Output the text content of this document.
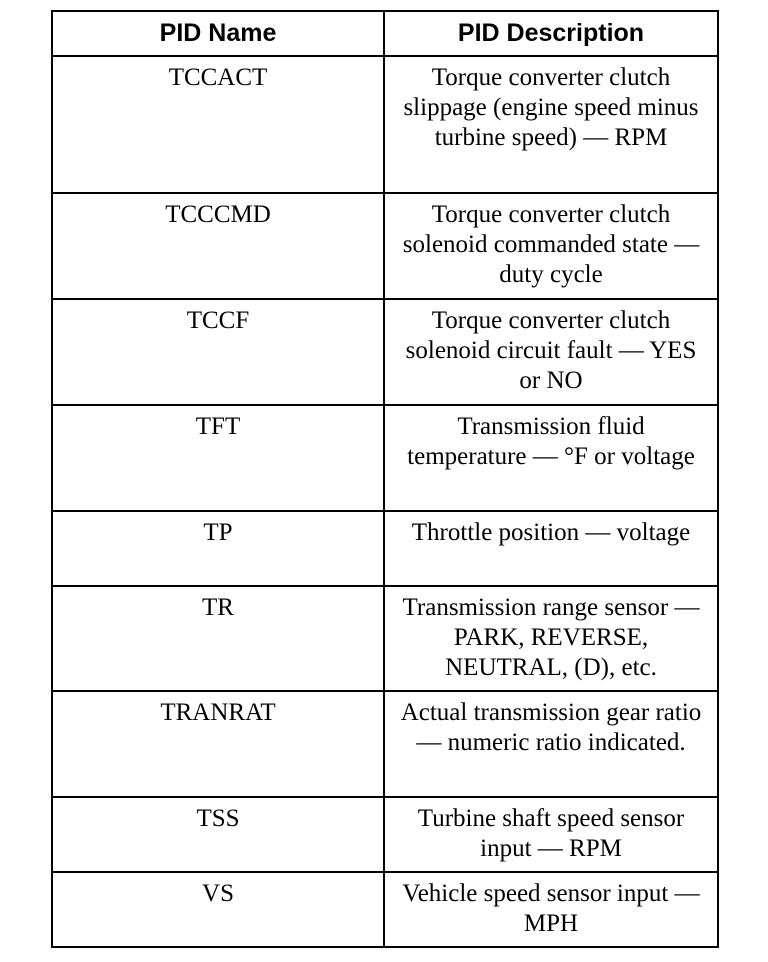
PID Name	PID Description
TCCACT	Torque converter clutch slippage (engine speed minus turbine speed) — RPM
TCCCMD	Torque converter clutch solenoid commanded state — duty cycle
TCCF	Torque converter clutch solenoid circuit fault — YES or NO
TFT	Transmission fluid temperature — °F or voltage
TP	Throttle position — voltage
TR	Transmission range sensor — PARK, REVERSE, NEUTRAL, (D), etc.
TRANRAT	Actual transmission gear ratio — numeric ratio indicated.
TSS	Turbine shaft speed sensor input — RPM
VS	Vehicle speed sensor input — MPH
